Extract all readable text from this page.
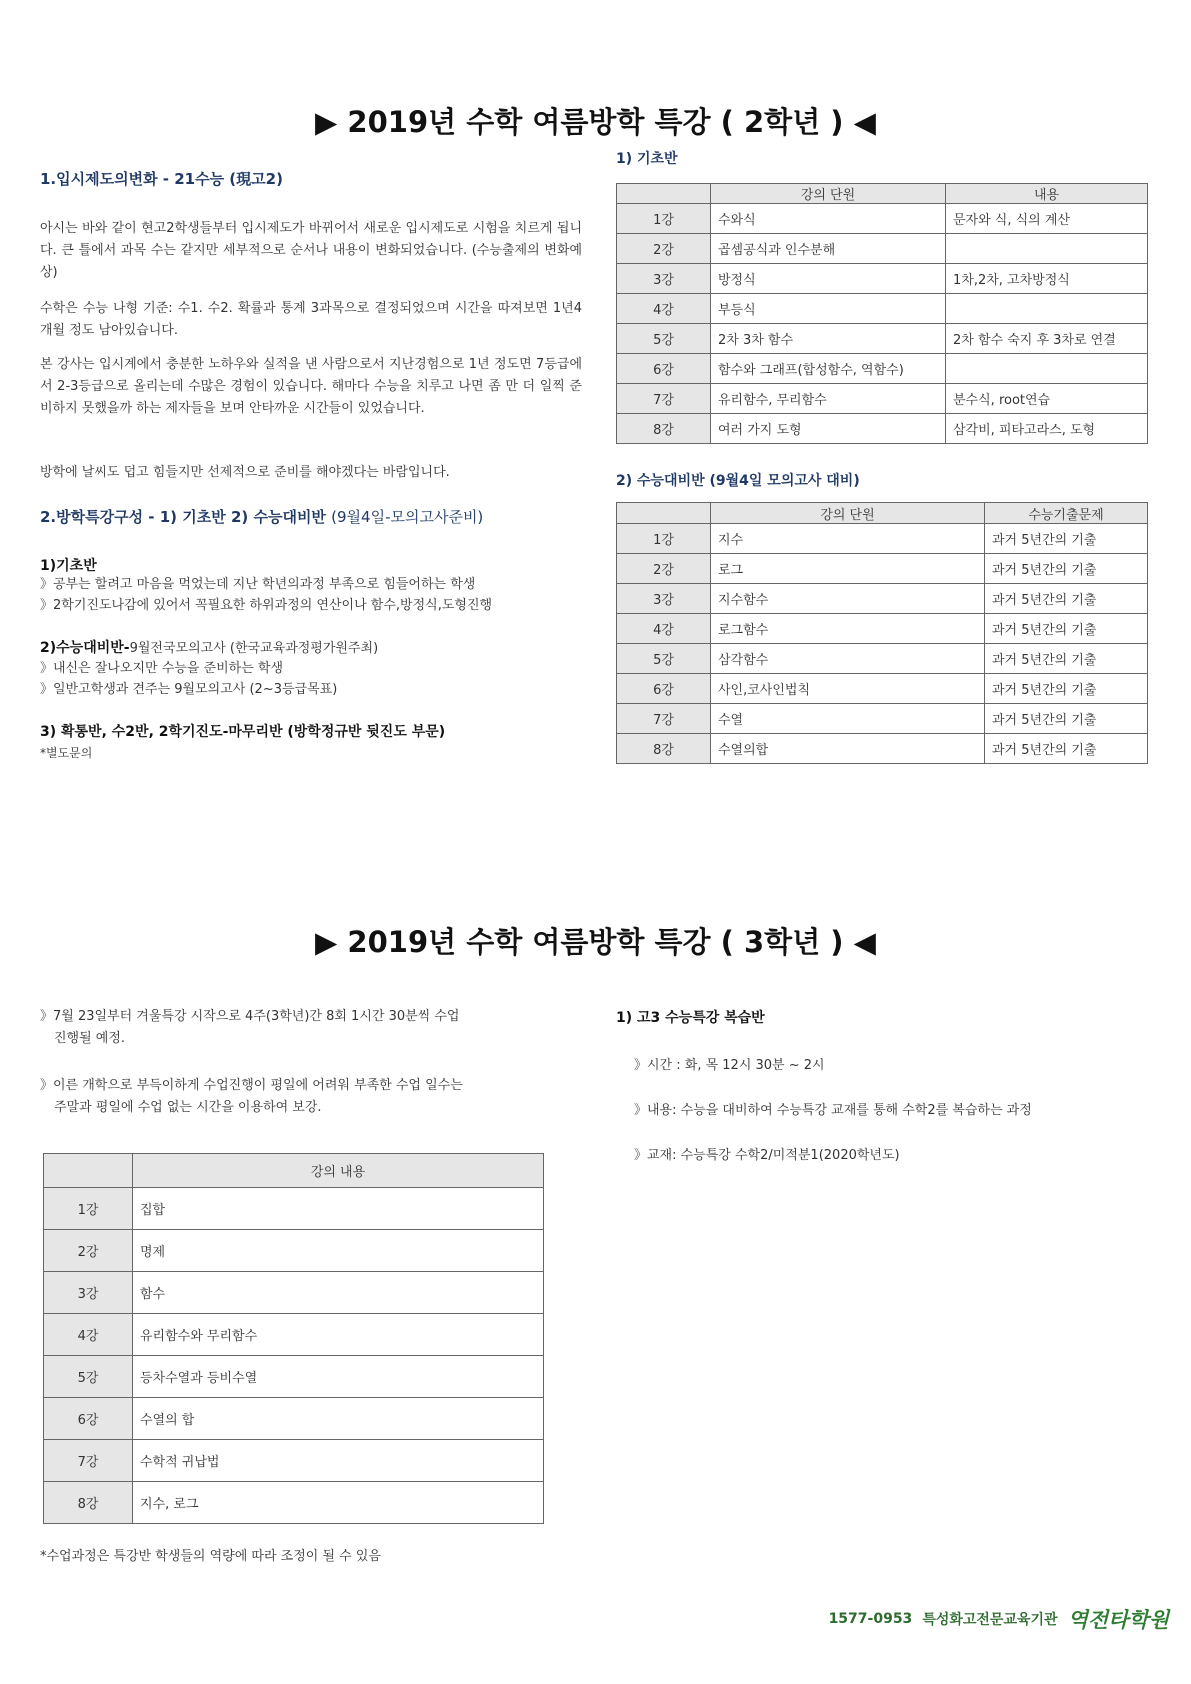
▶ 2019년 수학 여름방학 특강 ( 2학년 ) ◀
1.입시제도의변화 - 21수능 (現고2)
아시는 바와 같이 현고2학생들부터 입시제도가 바뀌어서 새로운 입시제도로 시험을 치르게 됩니다. 큰 틀에서 과목 수는 같지만 세부적으로 순서나 내용이 변화되었습니다. (수능출제의 변화예상)
수학은 수능 나형 기준: 수1. 수2. 확률과 통계 3과목으로 결정되었으며 시간을 따져보면 1년4개월 정도 남아있습니다.
본 강사는 입시계에서 충분한 노하우와 실적을 낸 사람으로서 지난경험으로 1년 정도면 7등급에서 2-3등급으로 올리는데 수많은 경험이 있습니다. 해마다 수능을 치루고 나면 좀 만 더 일찍 준비하지 못했을까 하는 제자들을 보며 안타까운 시간들이 있었습니다.
방학에 날씨도 덥고 힘들지만 선제적으로 준비를 해야겠다는 바람입니다.
2.방학특강구성 - 1) 기초반 2) 수능대비반 (9월4일-모의고사준비)
1)기초반
》공부는 할려고 마음을 먹었는데 지난 학년의과정 부족으로 힘들어하는 학생
》2학기진도나감에 있어서 꼭필요한 하위과정의 연산이나 함수,방정식,도형진행
2)수능대비반-9월전국모의고사 (한국교육과정평가원주최)
》내신은 잘나오지만 수능을 준비하는 학생
》일반고학생과 견주는 9월모의고사 (2~3등급목표)
3) 확통반, 수2반, 2학기진도-마무리반 (방학정규반 뒷진도 부문)
*별도문의
1) 기초반
	강의 단원	내용
1강	수와식	문자와 식, 식의 계산
2강	곱셈공식과 인수분해	
3강	방정식	1차,2차, 고차방정식
4강	부등식	
5강	2차 3차 함수	2차 함수 숙지 후 3차로 연결
6강	함수와 그래프(합성함수, 역함수)	
7강	유리함수, 무리함수	분수식, root연습
8강	여러 가지 도형	삼각비, 피타고라스, 도형
2) 수능대비반 (9월4일 모의고사 대비)
	강의 단원	수능기출문제
1강	지수	과거 5년간의 기출
2강	로그	과거 5년간의 기출
3강	지수함수	과거 5년간의 기출
4강	로그함수	과거 5년간의 기출
5강	삼각함수	과거 5년간의 기출
6강	사인,코사인법칙	과거 5년간의 기출
7강	수열	과거 5년간의 기출
8강	수열의합	과거 5년간의 기출
▶ 2019년 수학 여름방학 특강 ( 3학년 ) ◀
》7월 23일부터 겨울특강 시작으로 4주(3학년)간 8회 1시간 30분씩 수업
진행될 예정.
》이른 개학으로 부득이하게 수업진행이 평일에 어려워 부족한 수업 일수는
주말과 평일에 수업 없는 시간을 이용하여 보강.
	강의 내용
1강	집합
2강	명제
3강	함수
4강	유리함수와 무리함수
5강	등차수열과 등비수열
6강	수열의 합
7강	수학적 귀납법
8강	지수, 로그
*수업과정은 특강반 학생들의 역량에 따라 조정이 될 수 있음
1) 고3 수능특강 복습반
》시간 : 화, 목 12시 30분 ~ 2시
》내용: 수능을 대비하여 수능특강 교재를 통해 수학2를 복습하는 과정
》교재: 수능특강 수학2/미적분1(2020학년도)
1577-0953 특성화고전문교육기관 역전타학원
